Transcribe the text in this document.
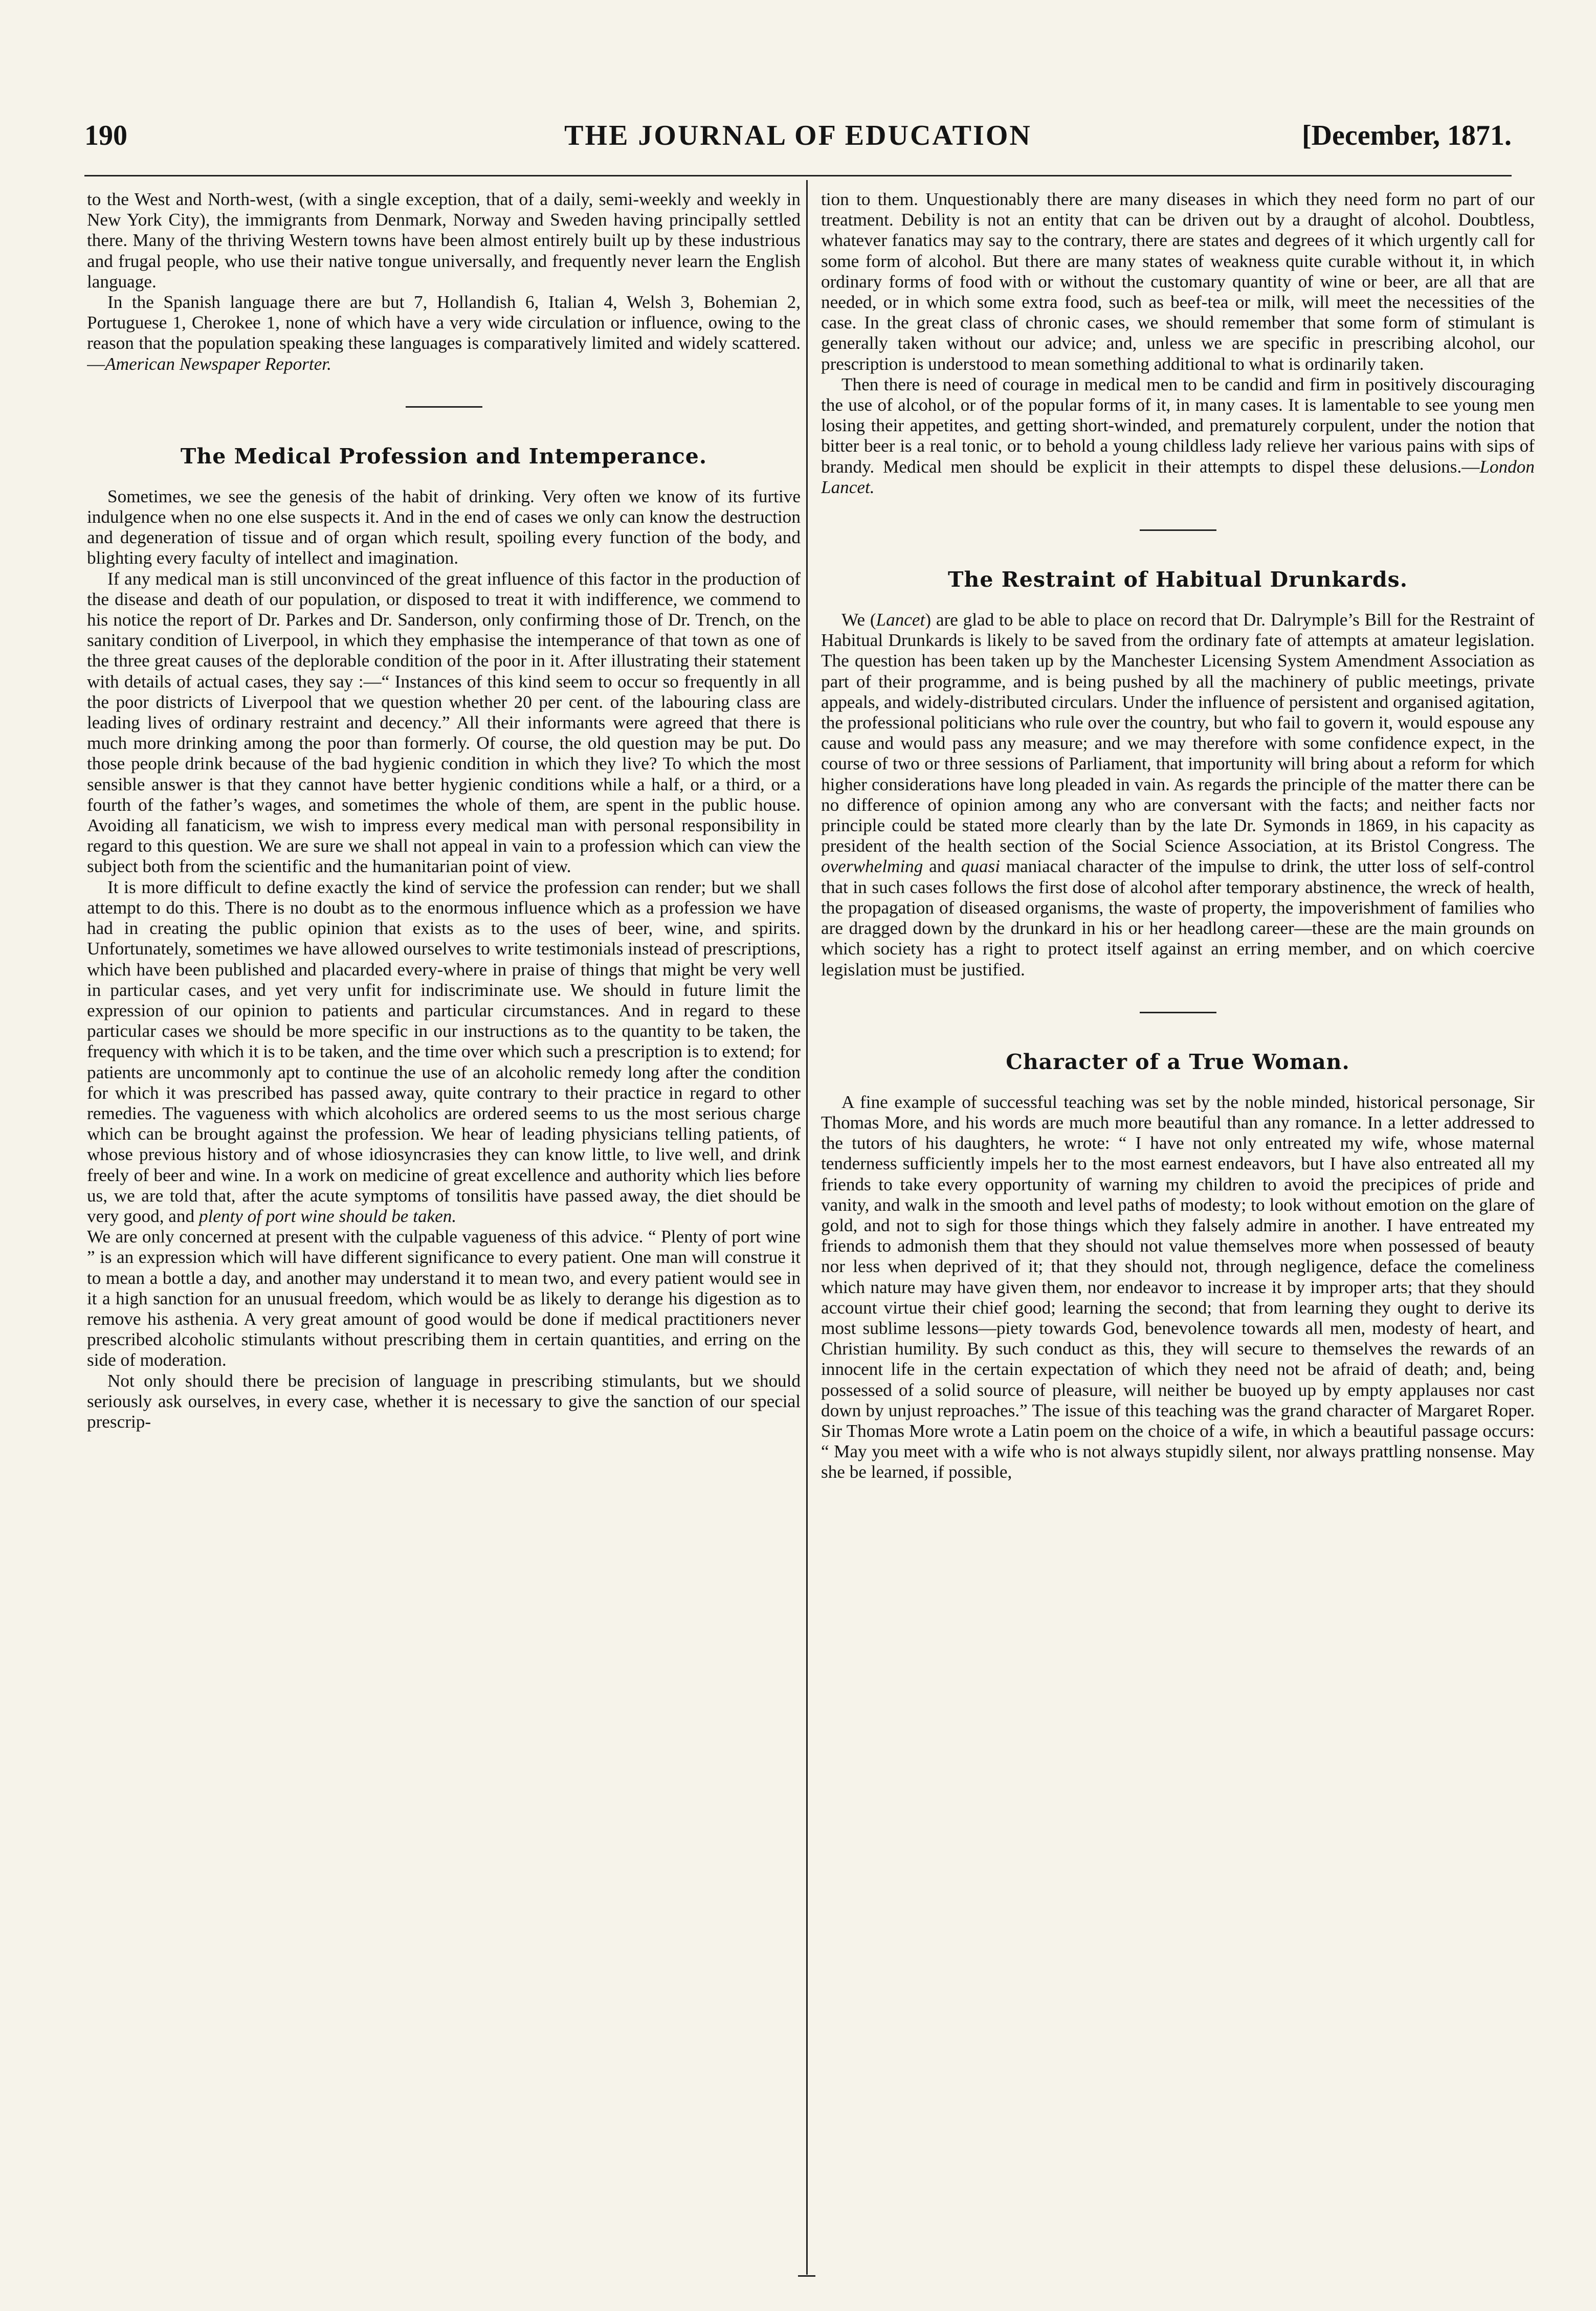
190	THE JOURNAL OF EDUCATION	[December, 1871.

to the West and North-west, (with a single exception, that of a daily, semi-weekly and weekly in New York City), the immigrants from Denmark, Norway and Sweden having principally settled there. Many of the thriving Western towns have been almost entirely built up by these industrious and frugal people, who use their native tongue universally, and frequently never learn the English language.

In the Spanish language there are but 7, Hollandish 6, Italian 4, Welsh 3, Bohemian 2, Portuguese 1, Cherokee 1, none of which have a very wide circulation or influence, owing to the reason that the population speaking these languages is comparatively limited and widely scattered.—American Newspaper Reporter.

The Medical Profession and Intemperance.

Sometimes, we see the genesis of the habit of drinking. Very often we know of its furtive indulgence when no one else suspects it. And in the end of cases we only can know the destruction and degeneration of tissue and of organ which result, spoiling every function of the body, and blighting every faculty of intellect and imagination.

If any medical man is still unconvinced of the great influence of this factor in the production of the disease and death of our population, or disposed to treat it with indifference, we commend to his notice the report of Dr. Parkes and Dr. Sanderson, only confirming those of Dr. Trench, on the sanitary condition of Liverpool, in which they emphasise the intemperance of that town as one of the three great causes of the deplorable condition of the poor in it. After illustrating their statement with details of actual cases, they say :—“ Instances of this kind seem to occur so frequently in all the poor districts of Liverpool that we question whether 20 per cent. of the labouring class are leading lives of ordinary restraint and decency.” All their informants were agreed that there is much more drinking among the poor than formerly. Of course, the old question may be put. Do those people drink because of the bad hygienic condition in which they live? To which the most sensible answer is that they cannot have better hygienic conditions while a half, or a third, or a fourth of the father’s wages, and sometimes the whole of them, are spent in the public house. Avoiding all fanaticism, we wish to impress every medical man with personal responsibility in regard to this question. We are sure we shall not appeal in vain to a profession which can view the subject both from the scientific and the humanitarian point of view.

It is more difficult to define exactly the kind of service the profession can render; but we shall attempt to do this. There is no doubt as to the enormous influence which as a profession we have had in creating the public opinion that exists as to the uses of beer, wine, and spirits. Unfortunately, sometimes we have allowed ourselves to write testimonials instead of prescriptions, which have been published and placarded every-where in praise of things that might be very well in particular cases, and yet very unfit for indiscriminate use. We should in future limit the expression of our opinion to patients and particular circumstances. And in regard to these particular cases we should be more specific in our instructions as to the quantity to be taken, the frequency with which it is to be taken, and the time over which such a prescription is to extend; for patients are uncommonly apt to continue the use of an alcoholic remedy long after the condition for which it was prescribed has passed away, quite contrary to their practice in regard to other remedies. The vagueness with which alcoholics are ordered seems to us the most serious charge which can be brought against the profession. We hear of leading physicians telling patients, of whose previous history and of whose idiosyncrasies they can know little, to live well, and drink freely of beer and wine. In a work on medicine of great excellence and authority which lies before us, we are told that, after the acute symptoms of tonsilitis have passed away, the diet should be very good, and plenty of port wine should be taken.

We are only concerned at present with the culpable vagueness of this advice. “ Plenty of port wine ” is an expression which will have different significance to every patient. One man will construe it to mean a bottle a day, and another may understand it to mean two, and every patient would see in it a high sanction for an unusual freedom, which would be as likely to derange his digestion as to remove his asthenia. A very great amount of good would be done if medical practitioners never prescribed alcoholic stimulants without prescribing them in certain quantities, and erring on the side of moderation.

Not only should there be precision of language in prescribing stimulants, but we should seriously ask ourselves, in every case, whether it is necessary to give the sanction of our special prescrip-

tion to them. Unquestionably there are many diseases in which they need form no part of our treatment. Debility is not an entity that can be driven out by a draught of alcohol. Doubtless, whatever fanatics may say to the contrary, there are states and degrees of it which urgently call for some form of alcohol. But there are many states of weakness quite curable without it, in which ordinary forms of food with or without the customary quantity of wine or beer, are all that are needed, or in which some extra food, such as beef-tea or milk, will meet the necessities of the case. In the great class of chronic cases, we should remember that some form of stimulant is generally taken without our advice; and, unless we are specific in prescribing alcohol, our prescription is understood to mean something additional to what is ordinarily taken.

Then there is need of courage in medical men to be candid and firm in positively discouraging the use of alcohol, or of the popular forms of it, in many cases. It is lamentable to see young men losing their appetites, and getting short-winded, and prematurely corpulent, under the notion that bitter beer is a real tonic, or to behold a young childless lady relieve her various pains with sips of brandy. Medical men should be explicit in their attempts to dispel these delusions.—London Lancet.

The Restraint of Habitual Drunkards.

We (Lancet) are glad to be able to place on record that Dr. Dalrymple’s Bill for the Restraint of Habitual Drunkards is likely to be saved from the ordinary fate of attempts at amateur legislation. The question has been taken up by the Manchester Licensing System Amendment Association as part of their programme, and is being pushed by all the machinery of public meetings, private appeals, and widely-distributed circulars. Under the influence of persistent and organised agitation, the professional politicians who rule over the country, but who fail to govern it, would espouse any cause and would pass any measure; and we may therefore with some confidence expect, in the course of two or three sessions of Parliament, that importunity will bring about a reform for which higher considerations have long pleaded in vain. As regards the principle of the matter there can be no difference of opinion among any who are conversant with the facts; and neither facts nor principle could be stated more clearly than by the late Dr. Symonds in 1869, in his capacity as president of the health section of the Social Science Association, at its Bristol Congress. The overwhelming and quasi maniacal character of the impulse to drink, the utter loss of self-control that in such cases follows the first dose of alcohol after temporary abstinence, the wreck of health, the propagation of diseased organisms, the waste of property, the impoverishment of families who are dragged down by the drunkard in his or her headlong career—these are the main grounds on which society has a right to protect itself against an erring member, and on which coercive legislation must be justified.

Character of a True Woman.

A fine example of successful teaching was set by the noble minded, historical personage, Sir Thomas More, and his words are much more beautiful than any romance. In a letter addressed to the tutors of his daughters, he wrote: “ I have not only entreated my wife, whose maternal tenderness sufficiently impels her to the most earnest endeavors, but I have also entreated all my friends to take every opportunity of warning my children to avoid the precipices of pride and vanity, and walk in the smooth and level paths of modesty; to look without emotion on the glare of gold, and not to sigh for those things which they falsely admire in another. I have entreated my friends to admonish them that they should not value themselves more when possessed of beauty nor less when deprived of it; that they should not, through negligence, deface the comeliness which nature may have given them, nor endeavor to increase it by improper arts; that they should account virtue their chief good; learning the second; that from learning they ought to derive its most sublime lessons—piety towards God, benevolence towards all men, modesty of heart, and Christian humility. By such conduct as this, they will secure to themselves the rewards of an innocent life in the certain expectation of which they need not be afraid of death; and, being possessed of a solid source of pleasure, will neither be buoyed up by empty applauses nor cast down by unjust reproaches.” The issue of this teaching was the grand character of Margaret Roper. Sir Thomas More wrote a Latin poem on the choice of a wife, in which a beautiful passage occurs: “ May you meet with a wife who is not always stupidly silent, nor always prattling nonsense. May she be learned, if possible,
